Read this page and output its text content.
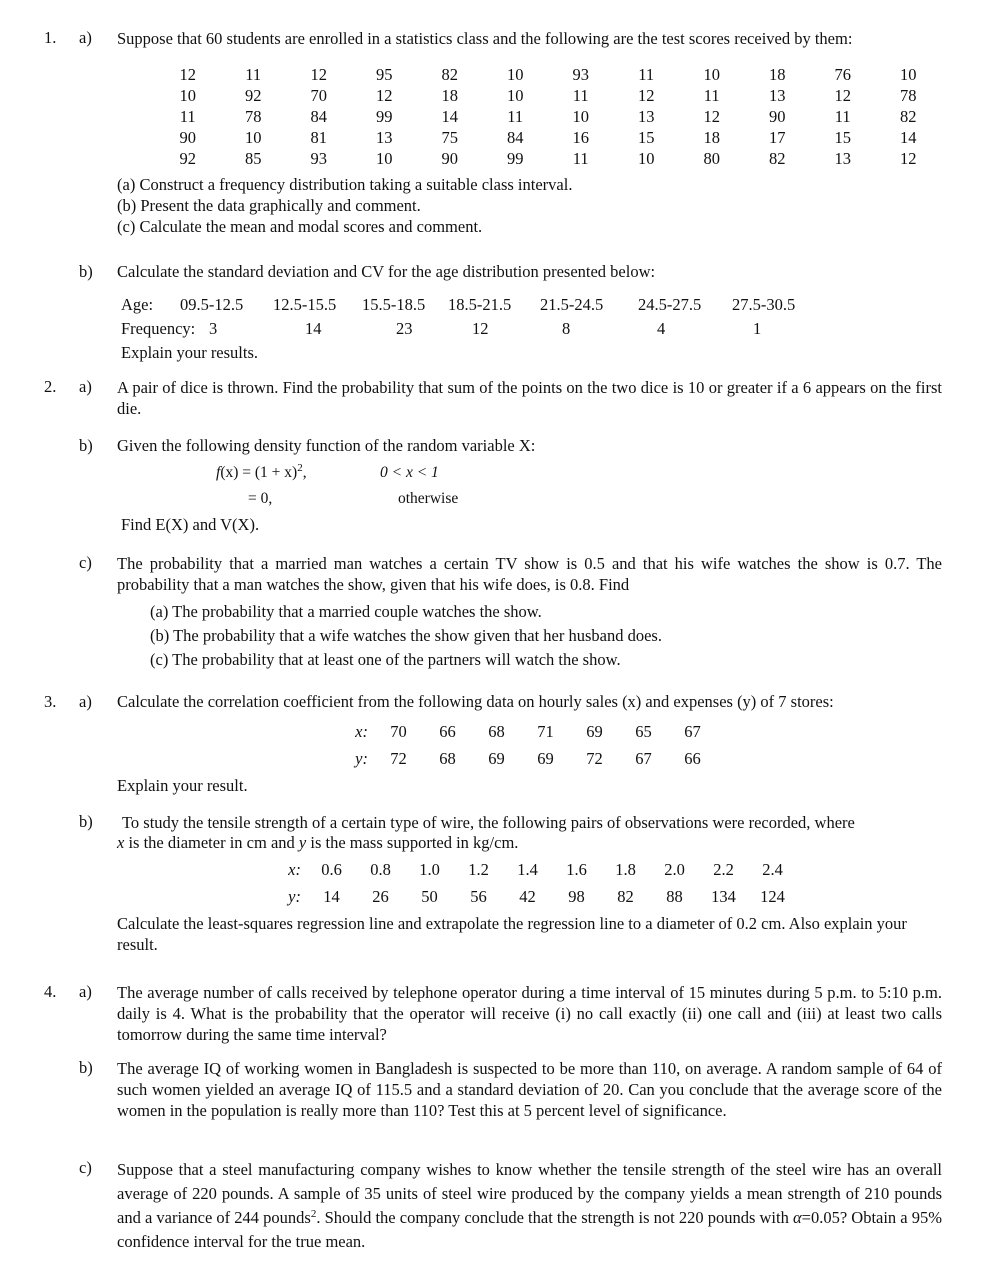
1. a) Suppose that 60 students are enrolled in a statistics class and the following are the test scores received by them:
12	11	12	95	82	10	93	11	10	18	76	10
10	92	70	12	18	10	11	12	11	13	12	78
11	78	84	99	14	11	10	13	12	90	11	82
90	10	81	13	75	84	16	15	18	17	15	14
92	85	93	10	90	99	11	10	80	82	13	12
(a) Construct a frequency distribution taking a suitable class interval.
(b) Present the data graphically and comment.
(c) Calculate the mean and modal scores and comment.
b) Calculate the standard deviation and CV for the age distribution presented below:
Age: 09.5-12.5 12.5-15.5 15.5-18.5 18.5-21.5 21.5-24.5 24.5-27.5 27.5-30.5
Frequency: 3	14	23	12	8	4	1
Explain your results.
2. a) A pair of dice is thrown. Find the probability that sum of the points on the two dice is 10 or greater if a 6 appears on the first die.
b) Given the following density function of the random variable X:
$f(x) = (1 + x)^2$,	0 < x < 1
= 0,	otherwise
Find E(X) and V(X).
c) The probability that a married man watches a certain TV show is 0.5 and that his wife watches the show is 0.7. The probability that a man watches the show, given that his wife does, is 0.8. Find
(a) The probability that a married couple watches the show.
(b) The probability that a wife watches the show given that her husband does.
(c) The probability that at least one of the partners will watch the show.
3. a) Calculate the correlation coefficient from the following data on hourly sales (x) and expenses (y) of 7 stores:
x:	70	66	68	71	69	65	67
y:	72	68	69	69	72	67	66
Explain your result.
b) To study the tensile strength of a certain type of wire, the following pairs of observations were recorded, where
x is the diameter in cm and y is the mass supported in kg/cm.
x:	0.6	0.8	1.0	1.2	1.4	1.6	1.8	2.0	2.2	2.4
y:	14	26	50	56	42	98	82	88	134	124
Calculate the least-squares regression line and extrapolate the regression line to a diameter of 0.2 cm. Also explain your result.
4. a) The average number of calls received by telephone operator during a time interval of 15 minutes during 5 p.m. to 5:10 p.m. daily is 4. What is the probability that the operator will receive (i) no call exactly (ii) one call and (iii) at least two calls tomorrow during the same time interval?
b) The average IQ of working women in Bangladesh is suspected to be more than 110, on average. A random sample of 64 of such women yielded an average IQ of 115.5 and a standard deviation of 20. Can you conclude that the average score of the women in the population is really more than 110? Test this at 5 percent level of significance.
c) Suppose that a steel manufacturing company wishes to know whether the tensile strength of the steel wire has an overall average of 220 pounds. A sample of 35 units of steel wire produced by the company yields a mean strength of 210 pounds and a variance of 244 pounds$^2$. Should the company conclude that the strength is not 220 pounds with α=0.05? Obtain a 95% confidence interval for the true mean.
